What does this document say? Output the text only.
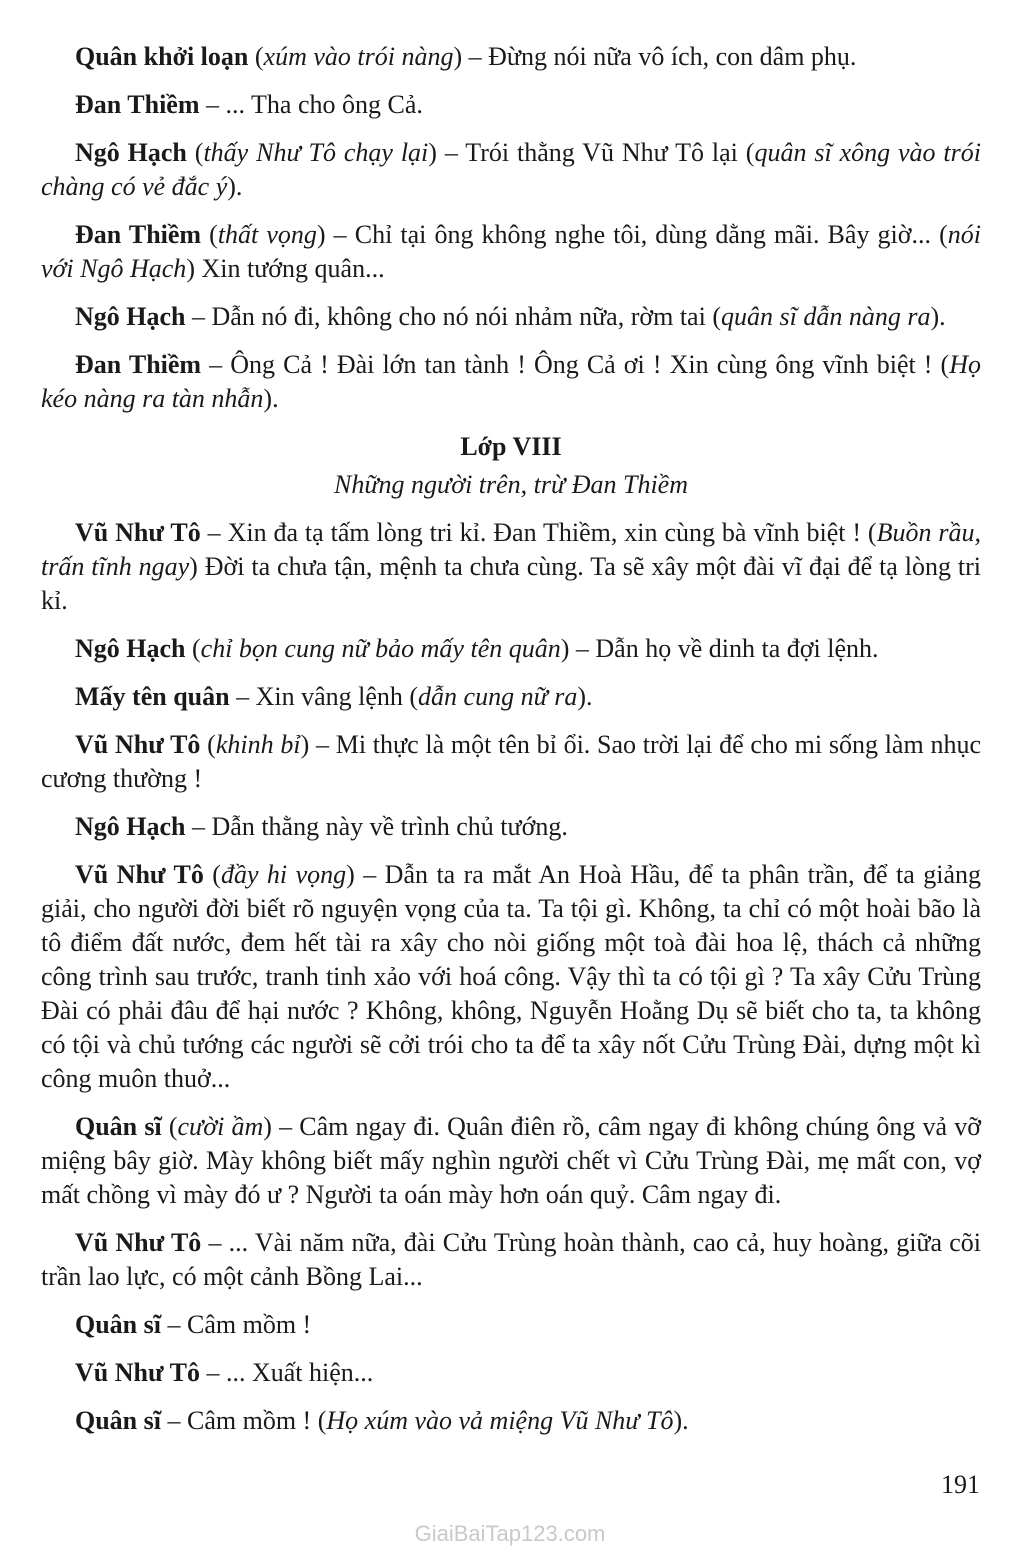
Quân khởi loạn (xúm vào trói nàng) – Đừng nói nữa vô ích, con dâm phụ.

Đan Thiềm – ... Tha cho ông Cả.

Ngô Hạch (thấy Như Tô chạy lại) – Trói thằng Vũ Như Tô lại (quân sĩ xông vào trói chàng có vẻ đắc ý).

Đan Thiềm (thất vọng) – Chỉ tại ông không nghe tôi, dùng dằng mãi. Bây giờ... (nói với Ngô Hạch) Xin tướng quân...

Ngô Hạch – Dẫn nó đi, không cho nó nói nhảm nữa, rờm tai (quân sĩ dẫn nàng ra).

Đan Thiềm – Ông Cả ! Đài lớn tan tành ! Ông Cả ơi ! Xin cùng ông vĩnh biệt ! (Họ kéo nàng ra tàn nhẫn).

Lớp VIII
Những người trên, trừ Đan Thiềm

Vũ Như Tô – Xin đa tạ tấm lòng tri kỉ. Đan Thiềm, xin cùng bà vĩnh biệt ! (Buồn rầu, trấn tĩnh ngay) Đời ta chưa tận, mệnh ta chưa cùng. Ta sẽ xây một đài vĩ đại để tạ lòng tri kỉ.

Ngô Hạch (chỉ bọn cung nữ bảo mấy tên quân) – Dẫn họ về dinh ta đợi lệnh.

Mấy tên quân – Xin vâng lệnh (dẫn cung nữ ra).

Vũ Như Tô (khinh bỉ) – Mi thực là một tên bỉ ổi. Sao trời lại để cho mi sống làm nhục cương thường !

Ngô Hạch – Dẫn thằng này về trình chủ tướng.

Vũ Như Tô (đầy hi vọng) – Dẫn ta ra mắt An Hoà Hầu, để ta phân trần, để ta giảng giải, cho người đời biết rõ nguyện vọng của ta. Ta tội gì. Không, ta chỉ có một hoài bão là tô điểm đất nước, đem hết tài ra xây cho nòi giống một toà đài hoa lệ, thách cả những công trình sau trước, tranh tinh xảo với hoá công. Vậy thì ta có tội gì ? Ta xây Cửu Trùng Đài có phải đâu để hại nước ? Không, không, Nguyễn Hoằng Dụ sẽ biết cho ta, ta không có tội và chủ tướng các người sẽ cởi trói cho ta để ta xây nốt Cửu Trùng Đài, dựng một kì công muôn thuở...

Quân sĩ (cười ầm) – Câm ngay đi. Quân điên rồ, câm ngay đi không chúng ông vả vỡ miệng bây giờ. Mày không biết mấy nghìn người chết vì Cửu Trùng Đài, mẹ mất con, vợ mất chồng vì mày đó ư ? Người ta oán mày hơn oán quỷ. Câm ngay đi.

Vũ Như Tô – ... Vài năm nữa, đài Cửu Trùng hoàn thành, cao cả, huy hoàng, giữa cõi trần lao lực, có một cảnh Bồng Lai...

Quân sĩ – Câm mồm !

Vũ Như Tô – ... Xuất hiện...

Quân sĩ – Câm mồm ! (Họ xúm vào vả miệng Vũ Như Tô).

191
GiaiBaiTap123.com
